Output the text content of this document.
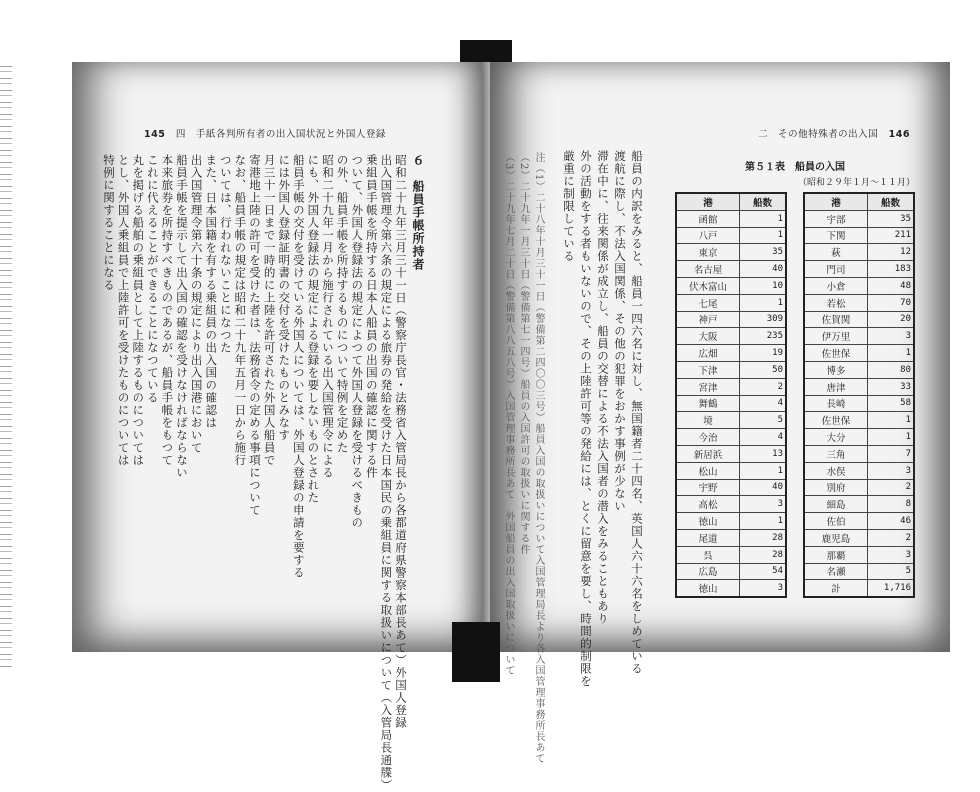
145 四　手紙各判所有者の出入国状況と外国人登録
６　船員手帳所持者
昭和二十九年三月三十一日（警察庁長官・法務省入管局長から各都道府県警察本部長あて）外国人登録
出入国管理令第六条の規定による旅券の発給を受けた日本国民の乗組員に関する取扱いについて（入管局長通牒）
乗組員手帳を所持する日本人船員の出国の確認に関する件
ついて、外国人登録法の規定によつて外国人登録を受けるべきもの
の外、船員手帳を所持するものについて特例を定めた
昭和二十九年一月から施行されている出入国管理令による
にも、外国人登録法の規定による登録を要しないものとされた
船員手帳の交付を受けている外国人については、外国人登録の申請を要する
には外国人登録証明書の交付を受けたものとみなす
月三十一日まで一時的に上陸を許可された外国人船員で
寄港地上陸の許可を受けた者は、法務省令の定める事項について
なお、船員手帳の規定は昭和二十九年五月一日から施行
ついては、行われないことになつた
また、日本国籍を有する乗組員の出入国の確認は
出入国管理令第六十条の規定により出入国港において
船員手帳を提示して出入国の確認を受けなければならない
本来旅券を所持すべきものであるが、船員手帳をもつて
これに代えることができることになつている
丸を掲げる船舶の乗組員として上陸するものについては
とし、外国人乗組員で上陸許可を受けたものについては
特例に関することになる
二　その他特殊者の出入国 146
船員の内訳をみると、船員一四六名に対し、無国籍者二十四名、英国人六十六名をしめている
渡航に際し、不法入国関係、その他の犯罪をおかす事例が少ない
滞在中に、往来関係が成立し、船員の交替による不法入国者の潜入をみることもあり
外の活動をする者もいないので、その上陸許可等の発給には、とくに留意を要し、時間的制限を
厳重に制限している
注（1）二十八年十月三十一日（警備第二四〇〇三号）船員入国の取扱いについて入国管理局長より各入国管理事務所長あて
（2）二十九年一月三十日（警備第七一四号）船員の入国許可の取扱いに関する件
（3）二十九年七月二十日（警備第八八五八号）入国管理事務所長あて　外国船員の出入国取扱いについて	第５１表　船員の入国
（昭和２９年１月～１１月）
港	船数
函館	1
八戸	1
東京	35
名古屋	40
伏木富山	10
七尾	1
神戸	309
大阪	235
広畑	19
下津	50
宮津	2
舞鶴	4
境	5
今治	4
新居浜	13
松山	1
宇野	40
高松	3
徳山	1
尾道	28
呉	28
広島	54
徳山	3
港	船数
宇部	35
下関	211
萩	12
門司	183
小倉	48
若松	70
佐賀関	20
伊万里	3
佐世保	1
博多	80
唐津	33
長崎	58
佐世保	1
大分	1
三角	7
水俣	3
別府	2
細島	8
佐伯	46
鹿児島	2
那覇	3
名瀬	5
計	1,716
